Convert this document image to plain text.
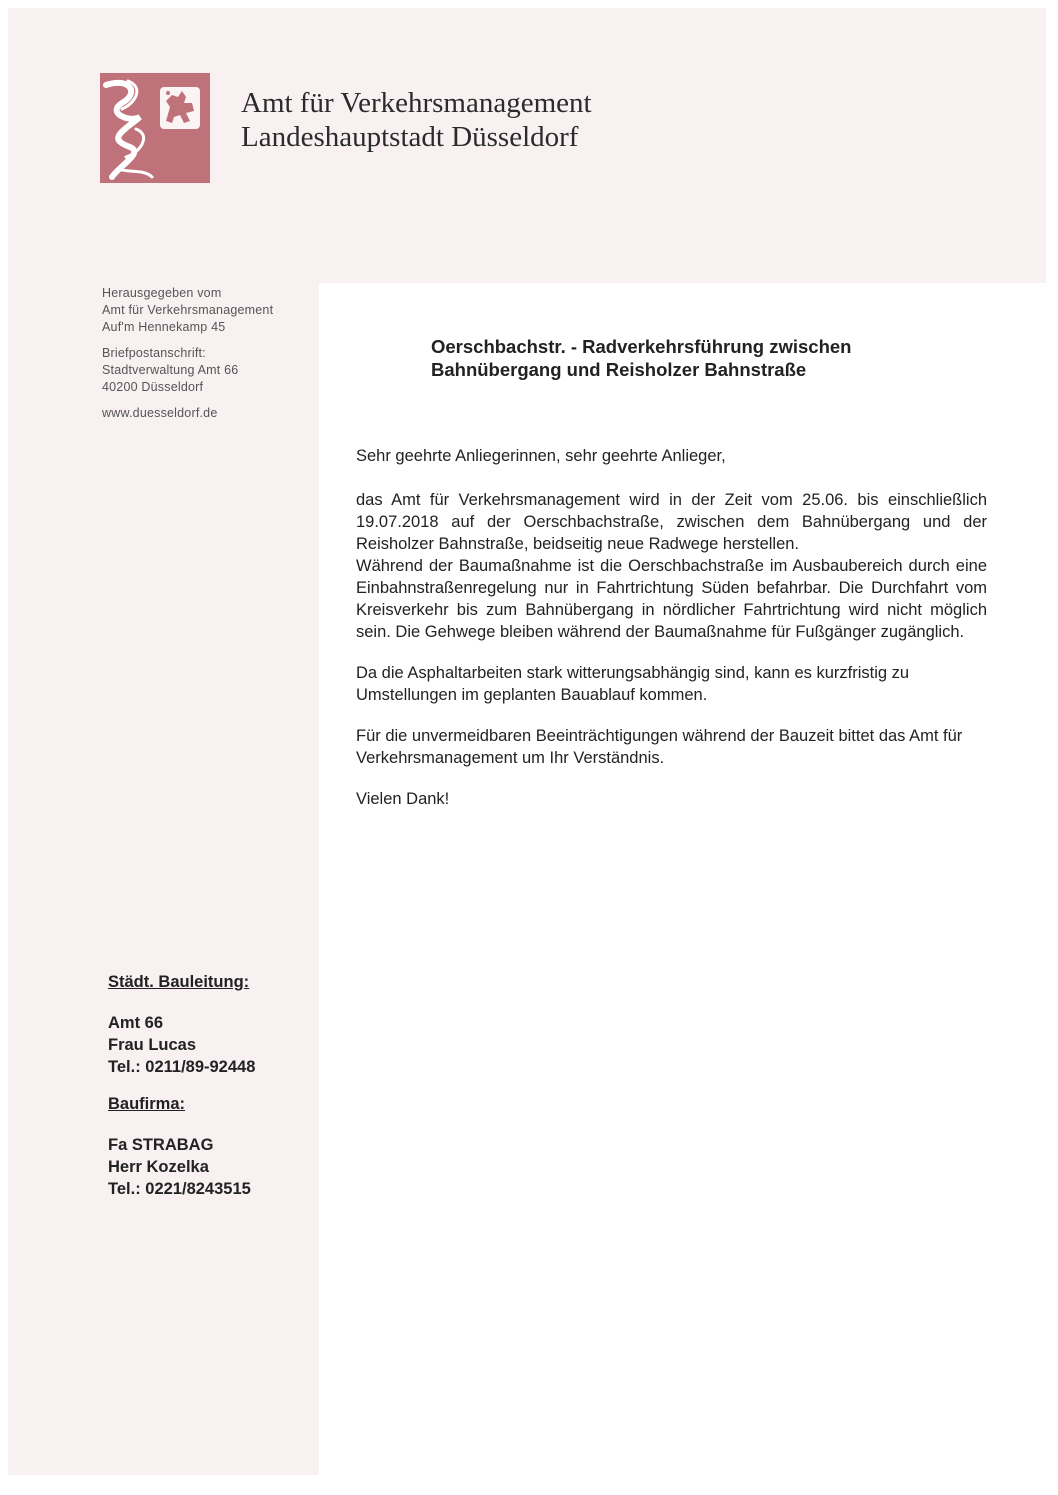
Amt für Verkehrsmanagement
Landeshauptstadt Düsseldorf
Herausgegeben vom
Amt für Verkehrsmanagement
Auf'm Hennekamp 45
Briefpostanschrift:
Stadtverwaltung Amt 66
40200 Düsseldorf
www.duesseldorf.de
Oerschbachstr. - Radverkehrsführung zwischen
Bahnübergang und Reisholzer Bahnstraße

Sehr geehrte Anliegerinnen, sehr geehrte Anlieger,

das Amt für Verkehrsmanagement wird in der Zeit vom 25.06. bis einschließlich 19.07.2018 auf der Oerschbachstraße, zwischen dem Bahnübergang und der Reisholzer Bahnstraße, beidseitig neue Radwege herstellen.

Während der Baumaßnahme ist die Oerschbachstraße im Ausbaubereich durch eine Einbahnstraßenregelung nur in Fahrtrichtung Süden befahrbar. Die Durchfahrt vom Kreisverkehr bis zum Bahnübergang in nördlicher Fahrtrichtung wird nicht möglich sein. Die Gehwege bleiben während der Baumaßnahme für Fußgänger zugänglich.

Da die Asphaltarbeiten stark witterungsabhängig sind, kann es kurzfristig zu Umstellungen im geplanten Bauablauf kommen.

Für die unvermeidbaren Beeinträchtigungen während der Bauzeit bittet das Amt für Verkehrsmanagement um Ihr Verständnis.

Vielen Dank!

Städt. Bauleitung:
Amt 66
Frau Lucas
Tel.: 0211/89-92448
Baufirma:
Fa STRABAG
Herr Kozelka
Tel.: 0221/8243515
